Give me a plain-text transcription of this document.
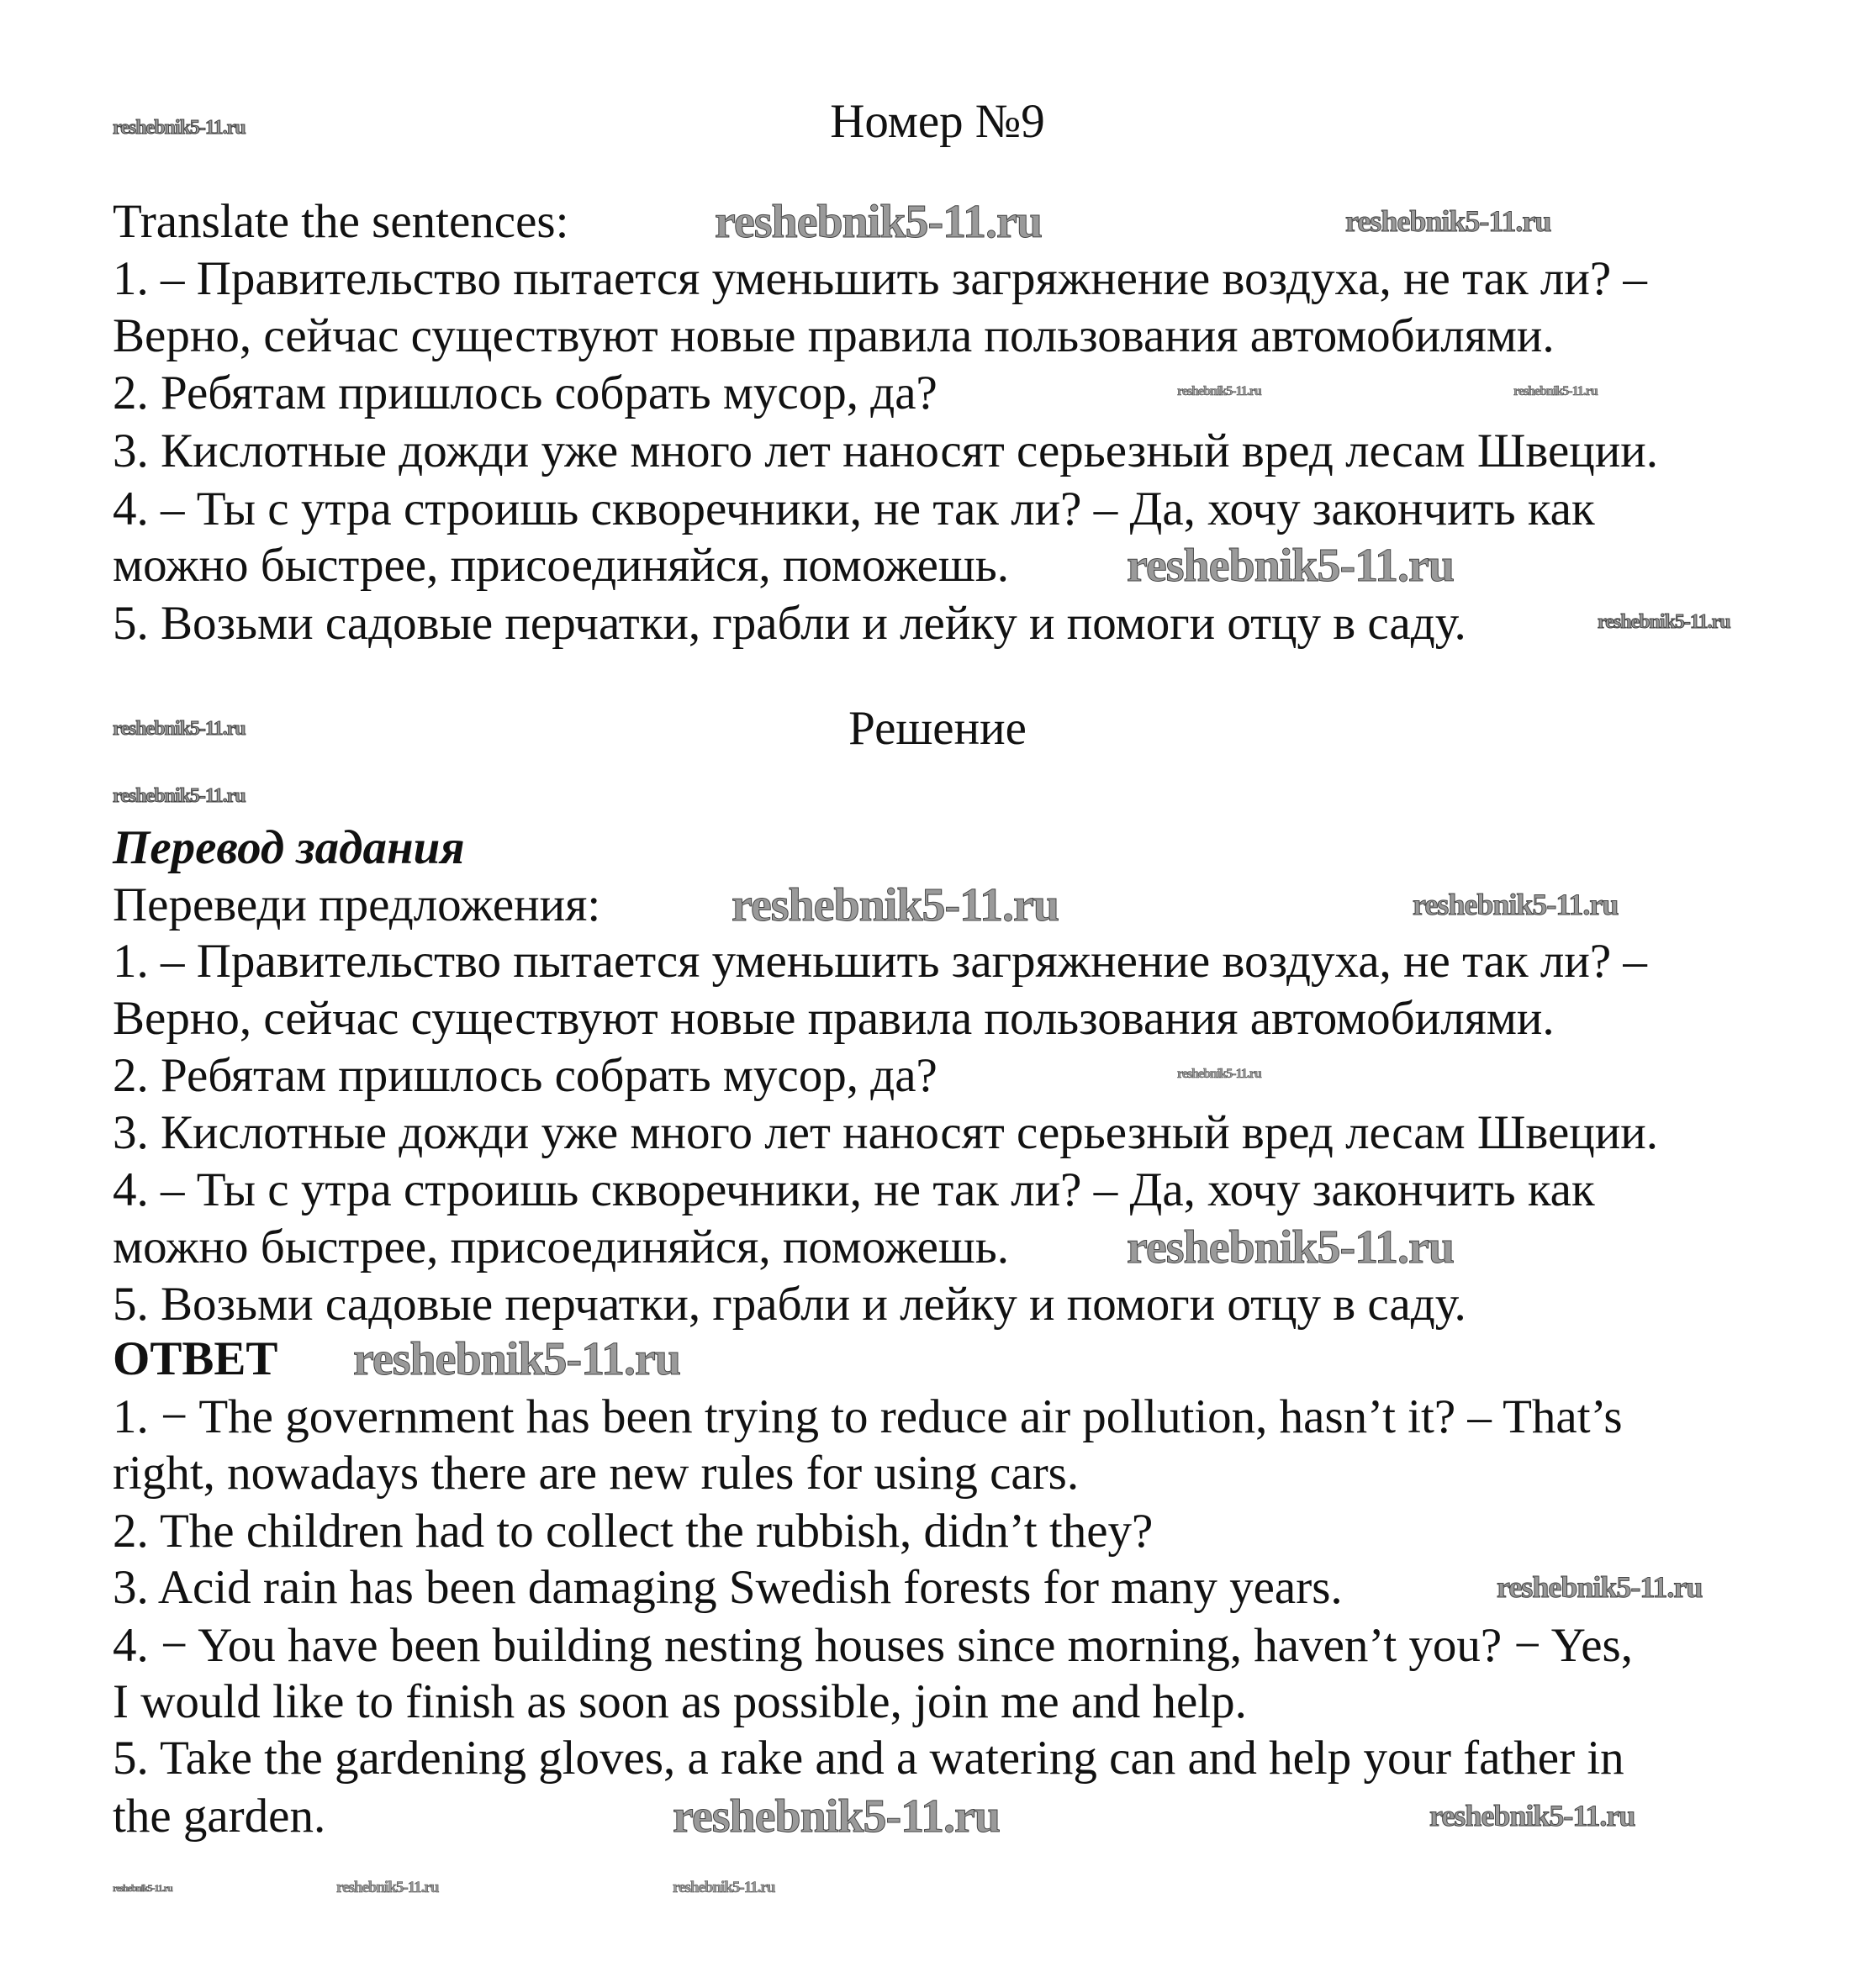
Номер №9
Translate the sentences:
1. – Правительство пытается уменьшить загряжнение воздуха, не так ли? –
Верно, сейчас существуют новые правила пользования автомобилями.
2. Ребятам пришлось собрать мусор, да?
3. Кислотные дожди уже много лет наносят серьезный вред лесам Швеции.
4. – Ты с утра строишь скворечники, не так ли? – Да, хочу закончить как
можно быстрее, присоединяйся, поможешь.
5. Возьми садовые перчатки, грабли и лейку и помоги отцу в саду.
Решение
Перевод задания
Переведи предложения:
1. – Правительство пытается уменьшить загряжнение воздуха, не так ли? –
Верно, сейчас существуют новые правила пользования автомобилями.
2. Ребятам пришлось собрать мусор, да?
3. Кислотные дожди уже много лет наносят серьезный вред лесам Швеции.
4. – Ты с утра строишь скворечники, не так ли? – Да, хочу закончить как
можно быстрее, присоединяйся, поможешь.
5. Возьми садовые перчатки, грабли и лейку и помоги отцу в саду.
ОТВЕТ
1. − The government has been trying to reduce air pollution, hasn’t it? – That’s
right, nowadays there are new rules for using cars.
2. The children had to collect the rubbish, didn’t they?
3. Acid rain has been damaging Swedish forests for many years.
4. − You have been building nesting houses since morning, haven’t you? − Yes,
I would like to finish as soon as possible, join me and help.
5. Take the gardening gloves, a rake and a watering can and help your father in
the garden.
reshebnik5-11.ru
reshebnik5-11.ru	reshebnik5-11.ru
reshebnik5-11.ru	reshebnik5-11.ru
reshebnik5-11.ru
reshebnik5-11.ru
reshebnik5-11.ru
reshebnik5-11.ru
reshebnik5-11.ru	reshebnik5-11.ru
reshebnik5-11.ru
reshebnik5-11.ru
reshebnik5-11.ru
reshebnik5-11.ru
reshebnik5-11.ru	reshebnik5-11.ru	reshebnik5-11.ru
reshebnik5-11.ru	reshebnik5-11.ru
